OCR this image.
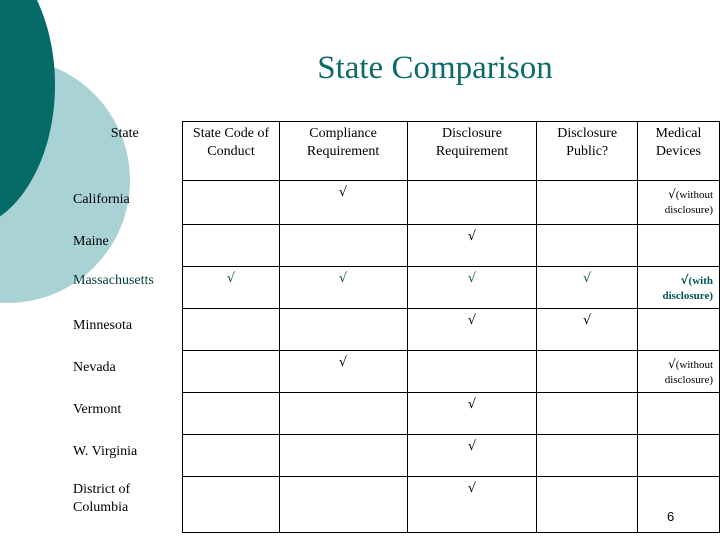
State Comparison
State	State Code of Conduct	Compliance Requirement	Disclosure Requirement	Disclosure Public?	Medical Devices
California		√			√(without disclosure)

Maine			√		
Massachusetts	√	√	√	√	√(with disclosure)

Minnesota			√	√	
Nevada		√			√(without disclosure)

Vermont			√		
W. Virginia			√		
District of Columbia			√		
6
